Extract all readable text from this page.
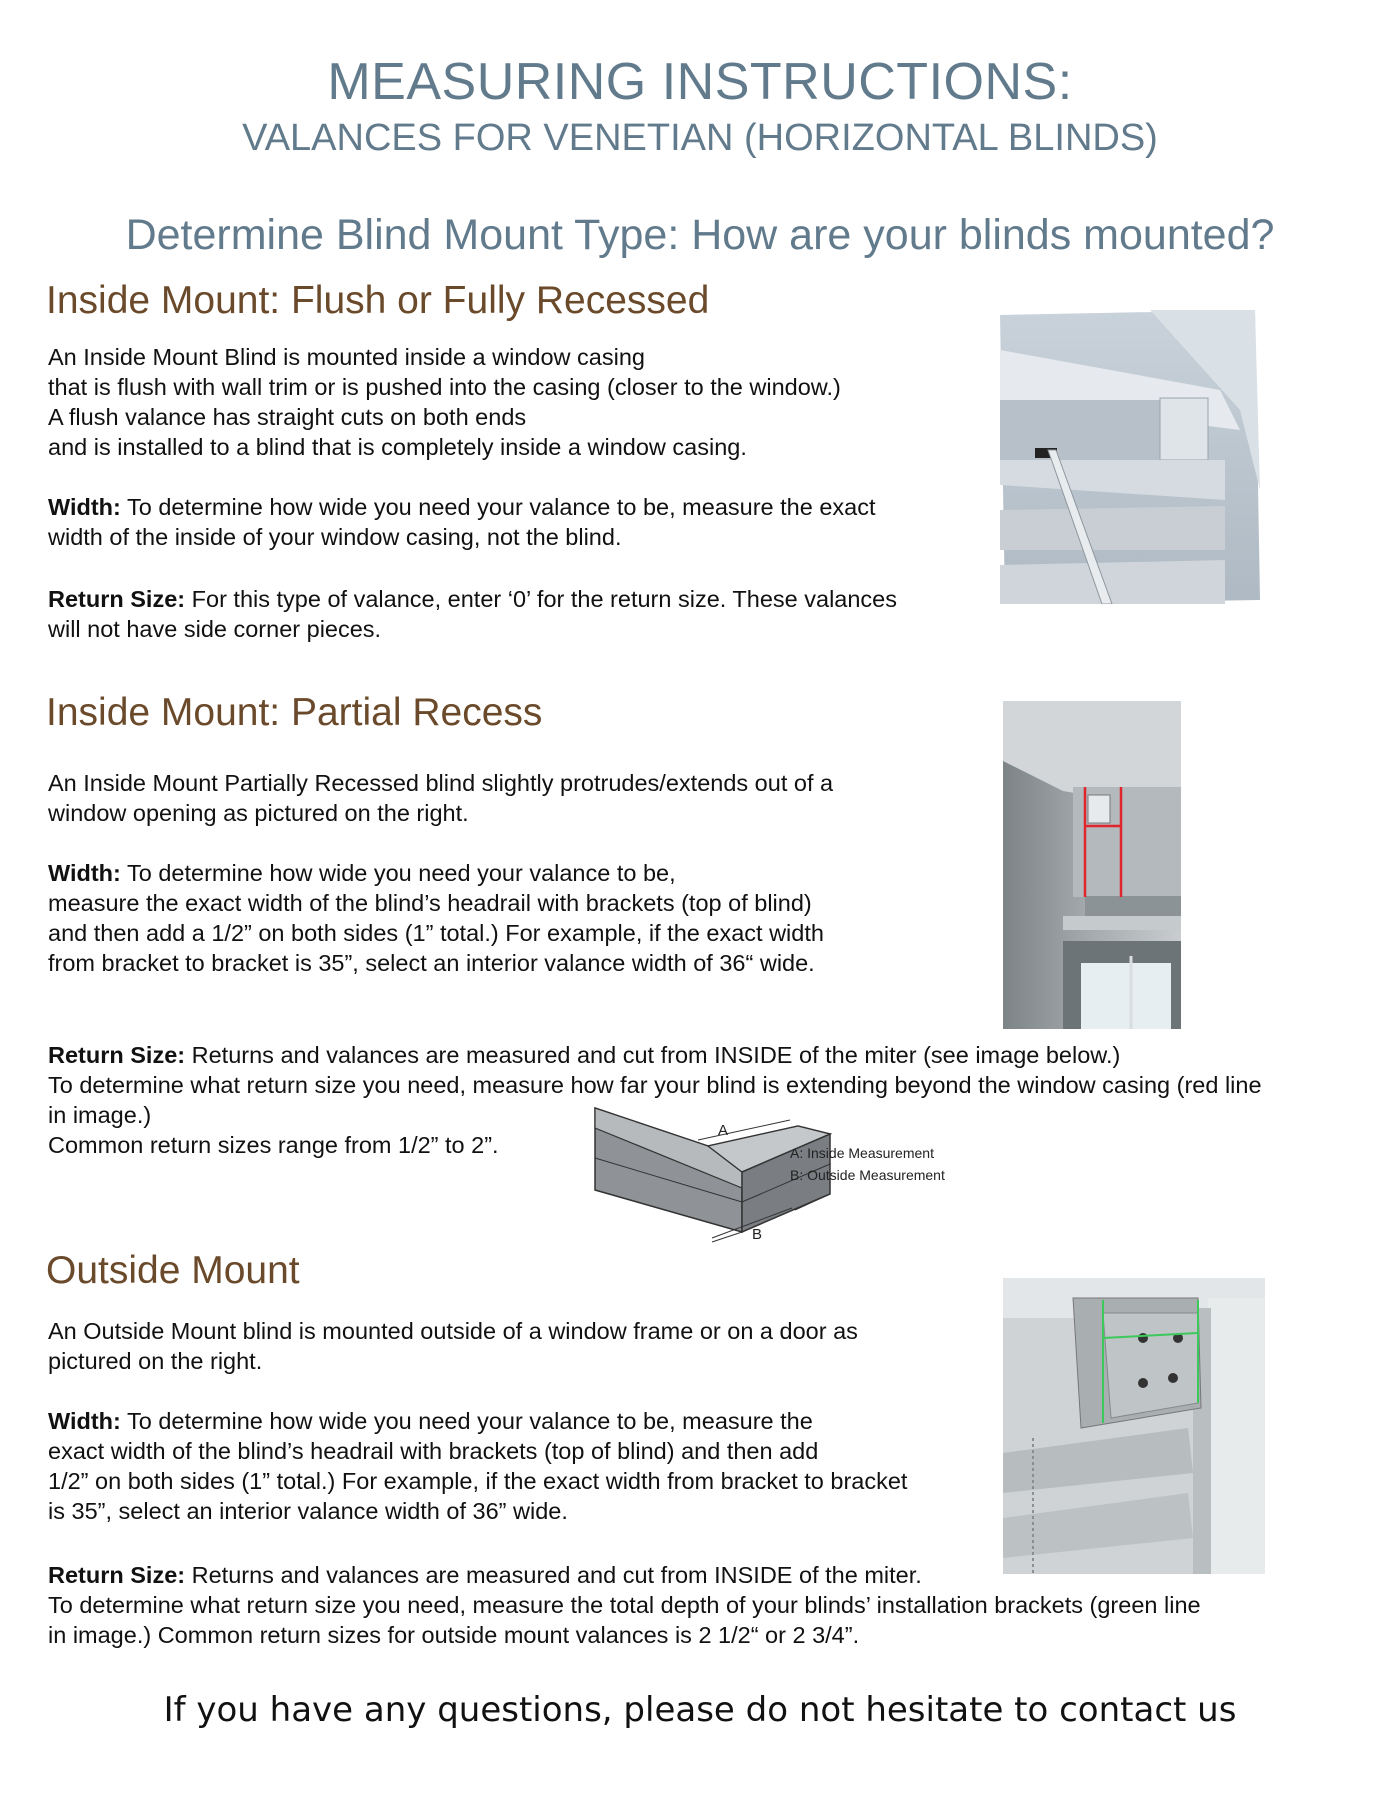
MEASURING INSTRUCTIONS:
VALANCES FOR VENETIAN (HORIZONTAL BLINDS)
Determine Blind Mount Type: How are your blinds mounted?
Inside Mount: Flush or Fully Recessed
An Inside Mount Blind is mounted inside a window casing
that is flush with wall trim or is pushed into the casing (closer to the window.)
A flush valance has straight cuts on both ends
and is installed to a blind that is completely inside a window casing.
Width: To determine how wide you need your valance to be, measure the exact
width of the inside of your window casing, not the blind.
Return Size: For this type of valance, enter ‘0’ for the return size. These valances
will not have side corner pieces.
Inside Mount: Partial Recess
An Inside Mount Partially Recessed blind slightly protrudes/extends out of a
window opening as pictured on the right.
Width: To determine how wide you need your valance to be,
measure the exact width of the blind’s headrail with brackets (top of blind)
and then add a 1/2” on both sides (1” total.) For example, if the exact width
from bracket to bracket is 35”, select an interior valance width of 36“ wide.
Return Size: Returns and valances are measured and cut from INSIDE of the miter (see image below.)
To determine what return size you need, measure how far your blind is extending beyond the window casing (red line
in image.)
Common return sizes range from 1/2” to 2”.
A
B
A: Inside Measurement
B: Outside Measurement
Outside Mount
An Outside Mount blind is mounted outside of a window frame or on a door as
pictured on the right.
Width: To determine how wide you need your valance to be, measure the
exact width of the blind’s headrail with brackets (top of blind) and then add
1/2” on both sides (1” total.) For example, if the exact width from bracket to bracket
is 35”, select an interior valance width of 36” wide.
Return Size: Returns and valances are measured and cut from INSIDE of the miter.
To determine what return size you need, measure the total depth of your blinds’ installation brackets (green line
in image.) Common return sizes for outside mount valances is 2 1/2“ or 2 3/4”.
If you have any questions, please do not hesitate to contact us
